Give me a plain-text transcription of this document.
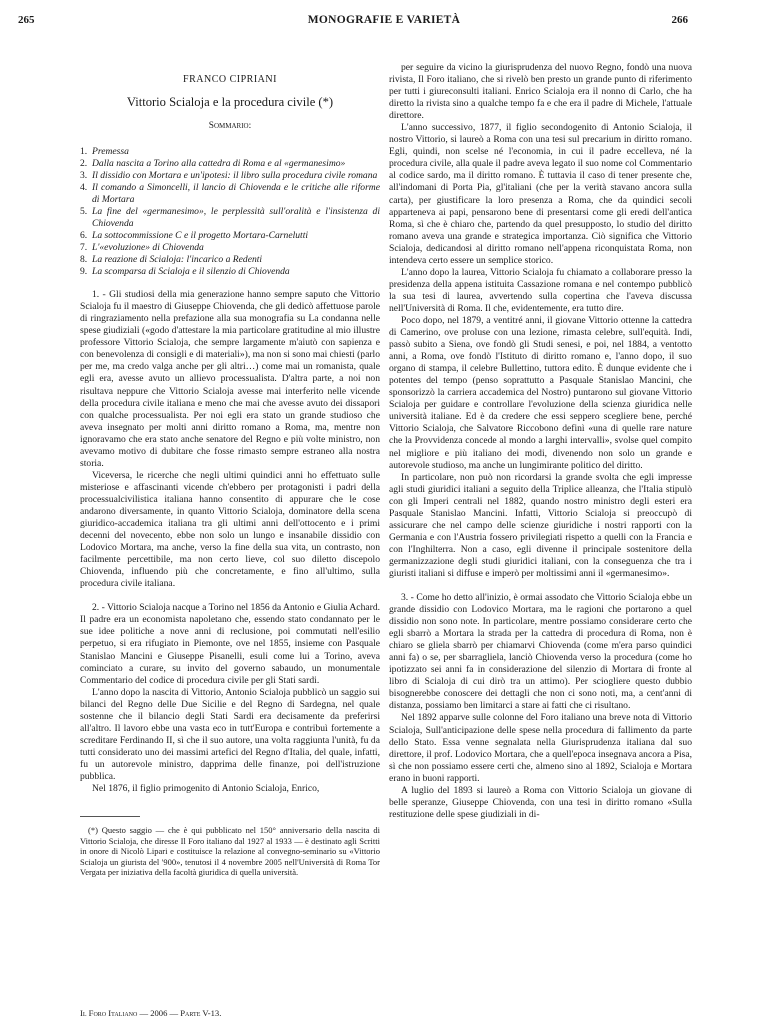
265	MONOGRAFIE E VARIETÀ	266
FRANCO CIPRIANI
Vittorio Scialoja e la procedura civile (*)
Sommario:
1. Premessa
2. Dalla nascita a Torino alla cattedra di Roma e al «germanesimo»
3. Il dissidio con Mortara e un'ipotesi: il libro sulla procedura civile romana
4. Il comando a Simoncelli, il lancio di Chiovenda e le critiche alle riforme di Mortara
5. La fine del «germanesimo», le perplessità sull'oralità e l'insistenza di Chiovenda
6. La sottocommissione C e il progetto Mortara-Carnelutti
7. L'«evoluzione» di Chiovenda
8. La reazione di Scialoja: l'incarico a Redenti
9. La scomparsa di Scialoja e il silenzio di Chiovenda

1. - Gli studiosi della mia generazione hanno sempre saputo che Vittorio Scialoja fu il maestro di Giuseppe Chiovenda, che gli dedicò affettuose parole di ringraziamento nella prefazione alla sua monografia su La condanna nelle spese giudiziali («godo d'attestare la mia particolare gratitudine al mio illustre professore Vittorio Scialoja, che sempre largamente m'aiutò con sapienza e con benevolenza di consigli e di materiali»), ma non si sono mai chiesti (parlo per me, ma credo valga anche per gli altri…) come mai un romanista, quale egli era, avesse avuto un allievo processualista. D'altra parte, a noi non risultava neppure che Vittorio Scialoja avesse mai interferito nelle vicende della procedura civile italiana e meno che mai che avesse avuto dei dissapori con qualche processualista. Per noi egli era stato un grande studioso che aveva insegnato per molti anni diritto romano a Roma, ma, mentre non ignoravamo che era stato anche senatore del Regno e più volte ministro, non avevamo motivo di dubitare che fosse rimasto sempre estraneo alla nostra storia.

Viceversa, le ricerche che negli ultimi quindici anni ho effettuato sulle misteriose e affascinanti vicende ch'ebbero per protagonisti i padri della processualcivilistica italiana hanno consentito di appurare che le cose andarono diversamente, in quanto Vittorio Scialoja, dominatore della scena giuridico-accademica italiana tra gli ultimi anni dell'ottocento e i primi decenni del novecento, ebbe non solo un lungo e insanabile dissidio con Lodovico Mortara, ma anche, verso la fine della sua vita, un contrasto, non facilmente percettibile, ma non certo lieve, col suo diletto discepolo Chiovenda, influendo più che concretamente, e fino all'ultimo, sulla procedura civile italiana.

2. - Vittorio Scialoja nacque a Torino nel 1856 da Antonio e Giulia Achard. Il padre era un economista napoletano che, essendo stato condannato per le sue idee politiche a nove anni di reclusione, poi commutati nell'esilio perpetuo, si era rifugiato in Piemonte, ove nel 1855, insieme con Pasquale Stanislao Mancini e Giuseppe Pisanelli, esuli come lui a Torino, aveva cominciato a curare, su invito del governo sabaudo, un monumentale Commentario del codice di procedura civile per gli Stati sardi.

L'anno dopo la nascita di Vittorio, Antonio Scialoja pubblicò un saggio sui bilanci del Regno delle Due Sicilie e del Regno di Sardegna, nel quale sostenne che il bilancio degli Stati Sardi era decisamente da preferirsi all'altro. Il lavoro ebbe una vasta eco in tutt'Europa e contribuì fortemente a screditare Ferdinando II, sì che il suo autore, una volta raggiunta l'unità, fu da tutti considerato uno dei massimi artefici del Regno d'Italia, del quale, infatti, fu un autorevole ministro, dapprima delle finanze, poi dell'istruzione pubblica.

Nel 1876, il figlio primogenito di Antonio Scialoja, Enrico,

(*) Questo saggio — che è qui pubblicato nel 150° anniversario della nascita di Vittorio Scialoja, che diresse Il Foro italiano dal 1927 al 1933 — è destinato agli Scritti in onore di Nicolò Lipari e costituisce la relazione al convegno-seminario su «Vittorio Scialoja un giurista del '900», tenutosi il 4 novembre 2005 nell'Università di Roma Tor Vergata per iniziativa della facoltà giuridica di quella università.

per seguire da vicino la giurisprudenza del nuovo Regno, fondò una nuova rivista, Il Foro italiano, che si rivelò ben presto un grande punto di riferimento per tutti i giureconsulti italiani. Enrico Scialoja era il nonno di Carlo, che ha diretto la rivista sino a qualche tempo fa e che era il padre di Michele, l'attuale direttore.

L'anno successivo, 1877, il figlio secondogenito di Antonio Scialoja, il nostro Vittorio, si laureò a Roma con una tesi sul precarium in diritto romano. Egli, quindi, non scelse né l'economia, in cui il padre eccelleva, né la procedura civile, alla quale il padre aveva legato il suo nome col Commentario al codice sardo, ma il diritto romano. È tuttavia il caso di tener presente che, all'indomani di Porta Pia, gl'italiani (che per la verità stavano ancora sulla carta), per giustificare la loro presenza a Roma, che da quindici secoli apparteneva ai papi, pensarono bene di presentarsi come gli eredi dell'antica Roma, sì che è chiaro che, partendo da quel presupposto, lo studio del diritto romano aveva una grande e strategica importanza. Ciò significa che Vittorio Scialoja, dedicandosi al diritto romano nell'appena riconquistata Roma, non intendeva certo essere un semplice storico.

L'anno dopo la laurea, Vittorio Scialoja fu chiamato a collaborare presso la presidenza della appena istituita Cassazione romana e nel contempo pubblicò la sua tesi di laurea, avvertendo sulla copertina che l'aveva discussa nell'Università di Roma. Il che, evidentemente, era tutto dire.

Poco dopo, nel 1879, a ventitré anni, il giovane Vittorio ottenne la cattedra di Camerino, ove proluse con una lezione, rimasta celebre, sull'equità. Indi, passò subito a Siena, ove fondò gli Studi senesi, e poi, nel 1884, a ventotto anni, a Roma, ove fondò l'Istituto di diritto romano e, l'anno dopo, il suo organo di stampa, il celebre Bullettino, tuttora edito. È dunque evidente che i potentes del tempo (penso soprattutto a Pasquale Stanislao Mancini, che sponsorizzò la carriera accademica del Nostro) puntarono sul giovane Vittorio Scialoja per guidare e controllare l'evoluzione della scienza giuridica nelle università italiane. Ed è da credere che essi seppero scegliere bene, perché Vittorio Scialoja, che Salvatore Riccobono definì «una di quelle rare nature che la Provvidenza concede al mondo a larghi intervalli», svolse quel compito nel migliore e più italiano dei modi, divenendo non solo un grande e autorevole studioso, ma anche un lungimirante politico del diritto.

In particolare, non può non ricordarsi la grande svolta che egli impresse agli studi giuridici italiani a seguito della Triplice alleanza, che l'Italia stipulò con gli Imperi centrali nel 1882, quando nostro ministro degli esteri era Pasquale Stanislao Mancini. Infatti, Vittorio Scialoja si preoccupò di assicurare che nel campo delle scienze giuridiche i nostri rapporti con la Germania e con l'Austria fossero privilegiati rispetto a quelli con la Francia e con l'Inghilterra. Non a caso, egli divenne il principale sostenitore della germanizzazione degli studi giuridici italiani, con la conseguenza che tra i giuristi italiani si diffuse e imperò per moltissimi anni il «germanesimo».

3. - Come ho detto all'inizio, è ormai assodato che Vittorio Scialoja ebbe un grande dissidio con Lodovico Mortara, ma le ragioni che portarono a quel dissidio non sono note. In particolare, mentre possiamo considerare certo che egli sbarrò a Mortara la strada per la cattedra di procedura di Roma, non è chiaro se gliela sbarrò per chiamarvi Chiovenda (come m'era parso quindici anni fa) o se, per sbarragliela, lanciò Chiovenda verso la procedura (come ho ipotizzato sei anni fa in considerazione del silenzio di Mortara di fronte al libro di Scialoja di cui dirò tra un attimo). Per sciogliere questo dubbio bisognerebbe conoscere dei dettagli che non ci sono noti, ma, a cent'anni di distanza, possiamo ben limitarci a stare ai fatti che ci risultano.

Nel 1892 apparve sulle colonne del Foro italiano una breve nota di Vittorio Scialoja, Sull'anticipazione delle spese nella procedura di fallimento da parte dello Stato. Essa venne segnalata nella Giurisprudenza italiana dal suo direttore, il prof. Lodovico Mortara, che a quell'epoca insegnava ancora a Pisa, sì che non possiamo essere certi che, almeno sino al 1892, Scialoja e Mortara erano in buoni rapporti.

A luglio del 1893 si laureò a Roma con Vittorio Scialoja un giovane di belle speranze, Giuseppe Chiovenda, con una tesi in diritto romano «Sulla restituzione delle spese giudiziali in di-

Il Foro Italiano — 2006 — Parte V-13.
